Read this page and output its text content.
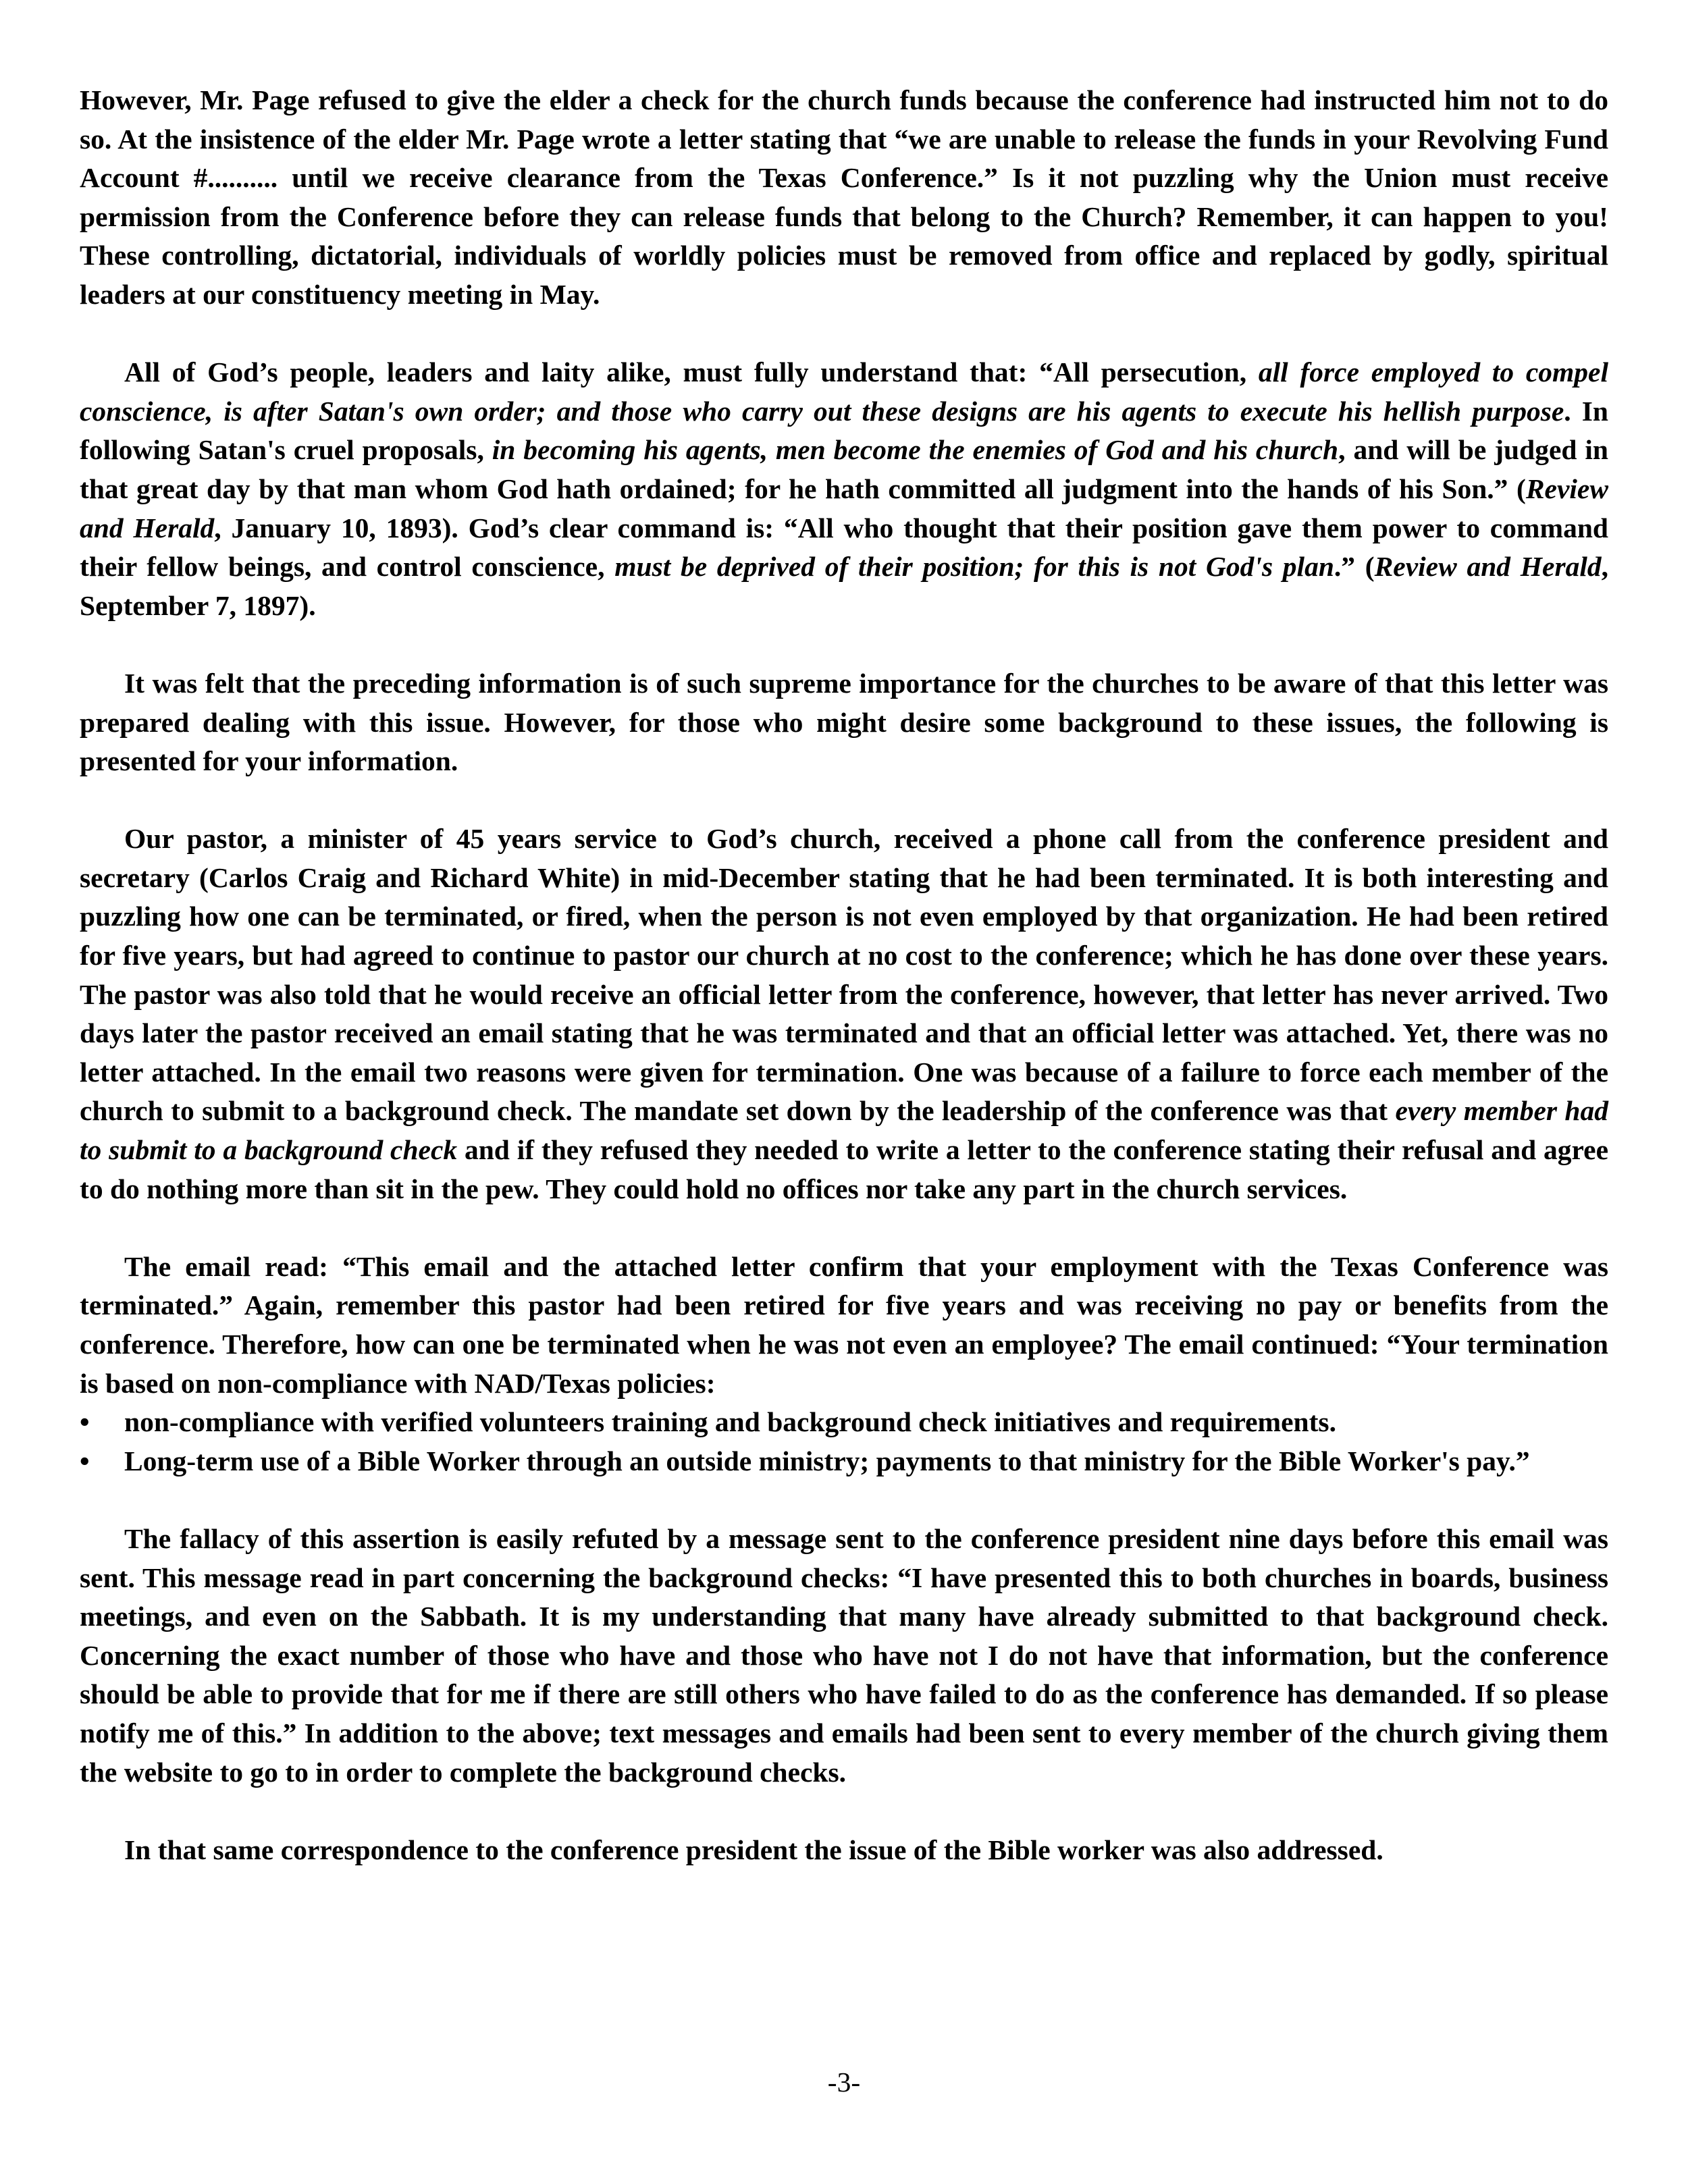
However, Mr. Page refused to give the elder a check for the church funds because the conference had instructed him not to do so. At the insistence of the elder Mr. Page wrote a letter stating that “we are unable to release the funds in your Revolving Fund Account #.......... until we receive clearance from the Texas Conference.” Is it not puzzling why the Union must receive permission from the Conference before they can release funds that belong to the Church? Remember, it can happen to you! These controlling, dictatorial, individuals of worldly policies must be removed from office and replaced by godly, spiritual leaders at our constituency meeting in May.

All of God’s people, leaders and laity alike, must fully understand that: “All persecution, all force employed to compel conscience, is after Satan's own order; and those who carry out these designs are his agents to execute his hellish purpose. In following Satan's cruel proposals, in becoming his agents, men become the enemies of God and his church, and will be judged in that great day by that man whom God hath ordained; for he hath committed all judgment into the hands of his Son.” (Review and Herald, January 10, 1893). God’s clear command is: “All who thought that their position gave them power to command their fellow beings, and control conscience, must be deprived of their position; for this is not God's plan.” (Review and Herald, September 7, 1897).

It was felt that the preceding information is of such supreme importance for the churches to be aware of that this letter was prepared dealing with this issue. However, for those who might desire some background to these issues, the following is presented for your information.

Our pastor, a minister of 45 years service to God’s church, received a phone call from the conference president and secretary (Carlos Craig and Richard White) in mid-December stating that he had been terminated. It is both interesting and puzzling how one can be terminated, or fired, when the person is not even employed by that organization. He had been retired for five years, but had agreed to continue to pastor our church at no cost to the conference; which he has done over these years. The pastor was also told that he would receive an official letter from the conference, however, that letter has never arrived. Two days later the pastor received an email stating that he was terminated and that an official letter was attached. Yet, there was no letter attached. In the email two reasons were given for termination. One was because of a failure to force each member of the church to submit to a background check. The mandate set down by the leadership of the conference was that every member had to submit to a background check and if they refused they needed to write a letter to the conference stating their refusal and agree to do nothing more than sit in the pew. They could hold no offices nor take any part in the church services.

The email read: “This email and the attached letter confirm that your employment with the Texas Conference was terminated.” Again, remember this pastor had been retired for five years and was receiving no pay or benefits from the conference. Therefore, how can one be terminated when he was not even an employee? The email continued: “Your termination is based on non-compliance with NAD/Texas policies:

• non-compliance with verified volunteers training and background check initiatives and requirements.
• Long-term use of a Bible Worker through an outside ministry; payments to that ministry for the Bible Worker's pay.”

The fallacy of this assertion is easily refuted by a message sent to the conference president nine days before this email was sent. This message read in part concerning the background checks: “I have presented this to both churches in boards, business meetings, and even on the Sabbath. It is my understanding that many have already submitted to that background check. Concerning the exact number of those who have and those who have not I do not have that information, but the conference should be able to provide that for me if there are still others who have failed to do as the conference has demanded. If so please notify me of this.” In addition to the above; text messages and emails had been sent to every member of the church giving them the website to go to in order to complete the background checks.

In that same correspondence to the conference president the issue of the Bible worker was also addressed.

-3-
